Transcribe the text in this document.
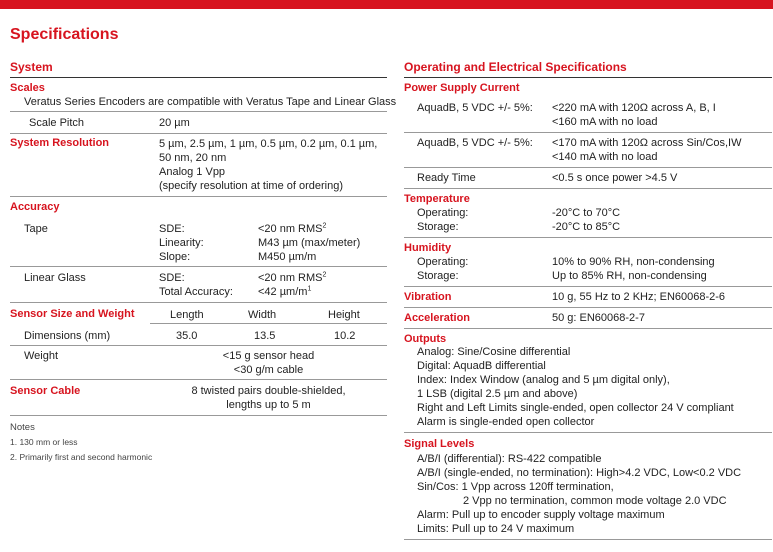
Specifications
System
Scales
Veratus Series Encoders are compatible with Veratus Tape and Linear Glass
Scale Pitch	20 µm
System Resolution	5 µm, 2.5 µm, 1 µm, 0.5 µm, 0.2 µm, 0.1 µm,
50 nm, 20 nm
Analog 1 Vpp
(specify resolution at time of ordering)
Accuracy
Tape	SDE:	<20 nm RMS$^2$
Linearity:	M43 µm (max/meter)
Slope:	M450 µm/m
Linear Glass	SDE:	<20 nm RMS$^2$
Total Accuracy: <42 $\mu m/m^1$
Sensor Size and Weight	Length	Width	Height
Dimensions (mm)	35.0	13.5	10.2
Weight	<15 g sensor head
<30 g/m cable
Sensor Cable	8 twisted pairs double-shielded,
lengths up to 5 m
Notes
1. 130 mm or less
2. Primarily first and second harmonic
Operating and Electrical Specifications
Power Supply Current
AquadB, 5 VDC +/- 5%: <220 mA with 120Ω across A, B, I
<160 mA with no load
AquadB, 5 VDC +/- 5%: <170 mA with 120Ω across Sin/Cos,IW
<140 mA with no load
Ready Time	<0.5 s once power >4.5 V
Temperature
Operating:	-20°C to 70°C
Storage:	-20°C to 85°C
Humidity
Operating:	10% to 90% RH, non-condensing
Storage:	Up to 85% RH, non-condensing
Vibration	10 g, 55 Hz to 2 KHz; EN60068-2-6
Acceleration	50 g: EN60068-2-7
Outputs
Analog: Sine/Cosine differential
Digital: AquadB differential
Index: Index Window (analog and 5 µm digital only),
1 LSB (digital 2.5 µm and above)
Right and Left Limits single-ended, open collector 24 V compliant
Alarm is single-ended open collector
Signal Levels
A/B/I (differential): RS-422 compatible
A/B/I (single-ended, no termination): High>4.2 VDC, Low<0.2 VDC
Sin/Cos: 1 Vpp across 120ff termination,
2 Vpp no termination, common mode voltage 2.0 VDC
Alarm: Pull up to encoder supply voltage maximum
Limits: Pull up to 24 V maximum
